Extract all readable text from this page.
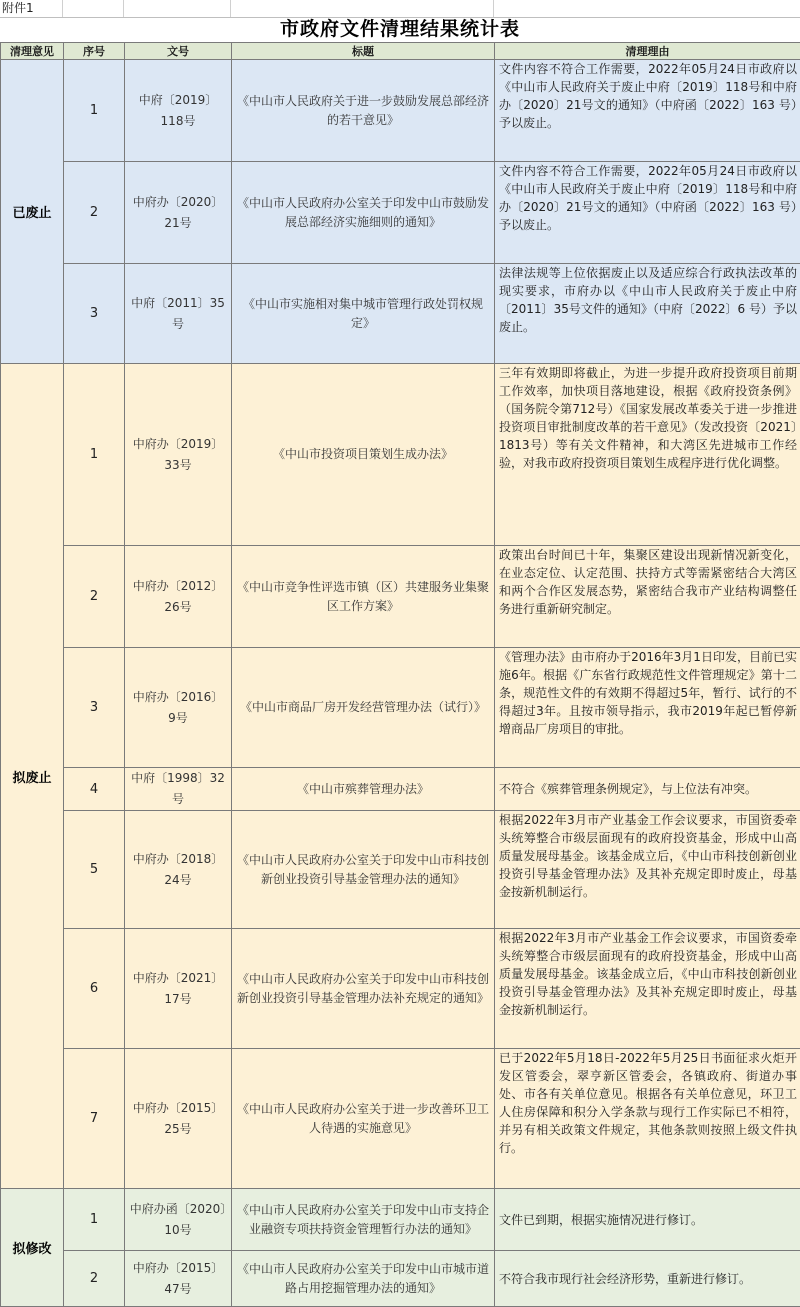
附件1
市政府文件清理结果统计表
清理意见	序号	文号	标题	清理理由
已废止	1	中府〔2019〕118号	《中山市人民政府关于进一步鼓励发展总部经济的若干意见》	文件内容不符合工作需要，2022年05月24日市政府以《中山市人民政府关于废止中府〔2019〕118号和中府办〔2020〕21号文的通知》（中府函〔2022〕163 号）予以废止。
	2	中府办〔2020〕21号	《中山市人民政府办公室关于印发中山市鼓励发展总部经济实施细则的通知》	文件内容不符合工作需要，2022年05月24日市政府以《中山市人民政府关于废止中府〔2019〕118号和中府办〔2020〕21号文的通知》（中府函〔2022〕163 号）予以废止。
	3	中府〔2011〕35号	《中山市实施相对集中城市管理行政处罚权规定》	法律法规等上位依据废止以及适应综合行政执法改革的现实要求，市府办以《中山市人民政府关于废止中府〔2011〕35号文件的通知》（中府〔2022〕6 号）予以废止。
拟废止	1	中府办〔2019〕33号	《中山市投资项目策划生成办法》	三年有效期即将截止，为进一步提升政府投资项目前期工作效率，加快项目落地建设，根据《政府投资条例》（国务院令第712号）《国家发展改革委关于进一步推进投资项目审批制度改革的若干意见》（发改投资〔2021〕1813号）等有关文件精神，和大湾区先进城市工作经验，对我市政府投资项目策划生成程序进行优化调整。
	2	中府办〔2012〕26号	《中山市竞争性评选市镇（区）共建服务业集聚区工作方案》	政策出台时间已十年，集聚区建设出现新情况新变化，在业态定位、认定范围、扶持方式等需紧密结合大湾区和两个合作区发展态势，紧密结合我市产业结构调整任务进行重新研究制定。
	3	中府办〔2016〕9号	《中山市商品厂房开发经营管理办法（试行）》	《管理办法》由市府办于2016年3月1日印发，目前已实施6年。根据《广东省行政规范性文件管理规定》第十二条，规范性文件的有效期不得超过5年，暂行、试行的不得超过3年。且按市领导指示，我市2019年起已暂停新增商品厂房项目的审批。
	4	中府〔1998〕32号	《中山市殡葬管理办法》	不符合《殡葬管理条例规定》，与上位法有冲突。
	5	中府办〔2018〕24号	《中山市人民政府办公室关于印发中山市科技创新创业投资引导基金管理办法的通知》	根据2022年3月市产业基金工作会议要求，市国资委牵头统筹整合市级层面现有的政府投资基金，形成中山高质量发展母基金。该基金成立后，《中山市科技创新创业投资引导基金管理办法》及其补充规定即时废止，母基金按新机制运行。
	6	中府办〔2021〕17号	《中山市人民政府办公室关于印发中山市科技创新创业投资引导基金管理办法补充规定的通知》	根据2022年3月市产业基金工作会议要求，市国资委牵头统筹整合市级层面现有的政府投资基金，形成中山高质量发展母基金。该基金成立后，《中山市科技创新创业投资引导基金管理办法》及其补充规定即时废止，母基金按新机制运行。
	7	中府办〔2015〕25号	《中山市人民政府办公室关于进一步改善环卫工人待遇的实施意见》	已于2022年5月18日-2022年5月25日书面征求火炬开发区管委会，翠亨新区管委会，各镇政府、街道办事处、市各有关单位意见。根据各有关单位意见，环卫工人住房保障和积分入学条款与现行工作实际已不相符，并另有相关政策文件规定，其他条款则按照上级文件执行。
拟修改	1	中府办函〔2020〕10号	《中山市人民政府办公室关于印发中山市支持企业融资专项扶持资金管理暂行办法的通知》	文件已到期，根据实施情况进行修订。
	2	中府办〔2015〕47号	《中山市人民政府办公室关于印发中山市城市道路占用挖掘管理办法的通知》	不符合我市现行社会经济形势，重新进行修订。
